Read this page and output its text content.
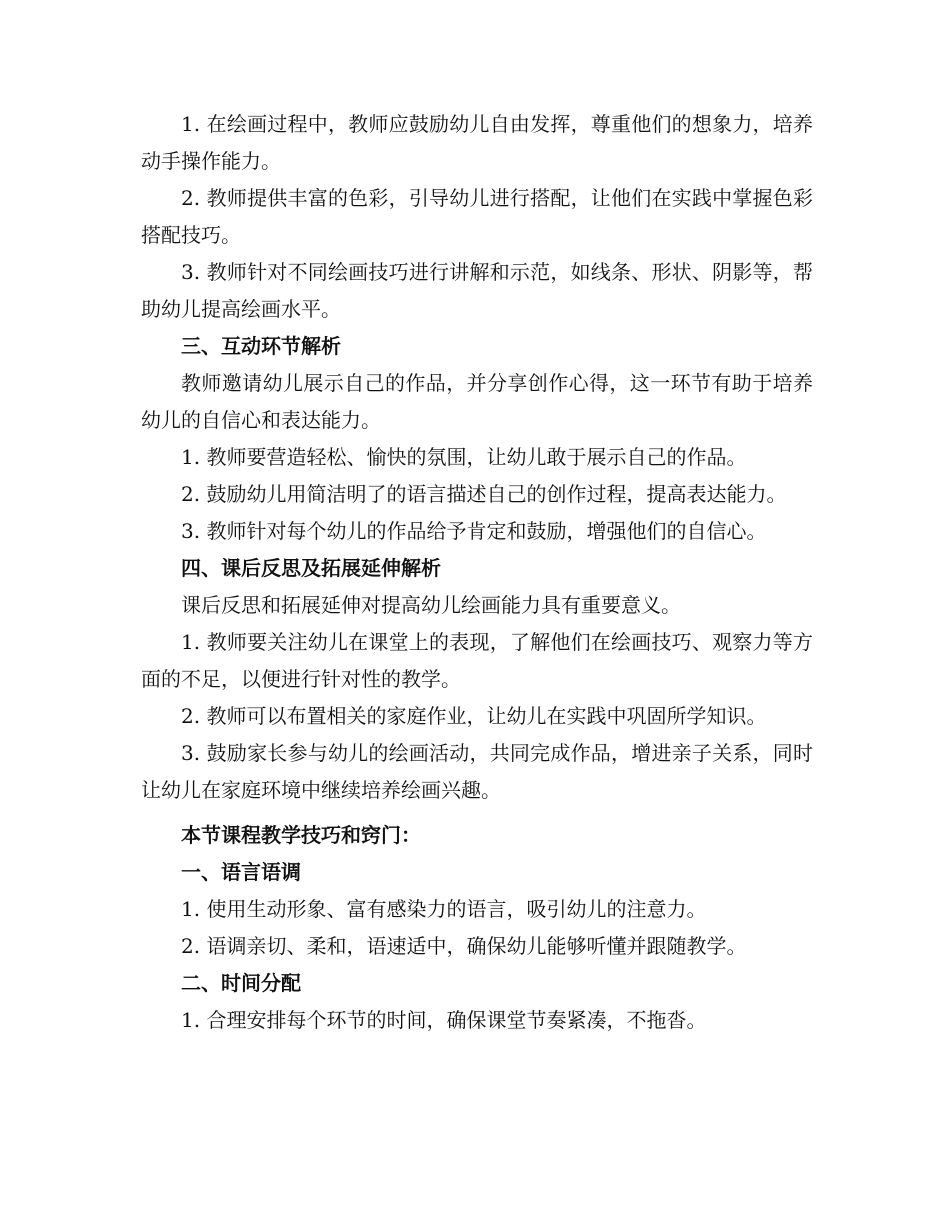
1. 在绘画过程中，教师应鼓励幼儿自由发挥，尊重他们的想象力，培养动手操作能力。

2. 教师提供丰富的色彩，引导幼儿进行搭配，让他们在实践中掌握色彩搭配技巧。

3. 教师针对不同绘画技巧进行讲解和示范，如线条、形状、阴影等，帮助幼儿提高绘画水平。

三、互动环节解析

教师邀请幼儿展示自己的作品，并分享创作心得，这一环节有助于培养幼儿的自信心和表达能力。

1. 教师要营造轻松、愉快的氛围，让幼儿敢于展示自己的作品。

2. 鼓励幼儿用简洁明了的语言描述自己的创作过程，提高表达能力。

3. 教师针对每个幼儿的作品给予肯定和鼓励，增强他们的自信心。

四、课后反思及拓展延伸解析

课后反思和拓展延伸对提高幼儿绘画能力具有重要意义。

1. 教师要关注幼儿在课堂上的表现，了解他们在绘画技巧、观察力等方面的不足，以便进行针对性的教学。

2. 教师可以布置相关的家庭作业，让幼儿在实践中巩固所学知识。

3. 鼓励家长参与幼儿的绘画活动，共同完成作品，增进亲子关系，同时让幼儿在家庭环境中继续培养绘画兴趣。

本节课程教学技巧和窍门：

一、语言语调

1. 使用生动形象、富有感染力的语言，吸引幼儿的注意力。

2. 语调亲切、柔和，语速适中，确保幼儿能够听懂并跟随教学。

二、时间分配

1. 合理安排每个环节的时间，确保课堂节奏紧凑，不拖沓。
